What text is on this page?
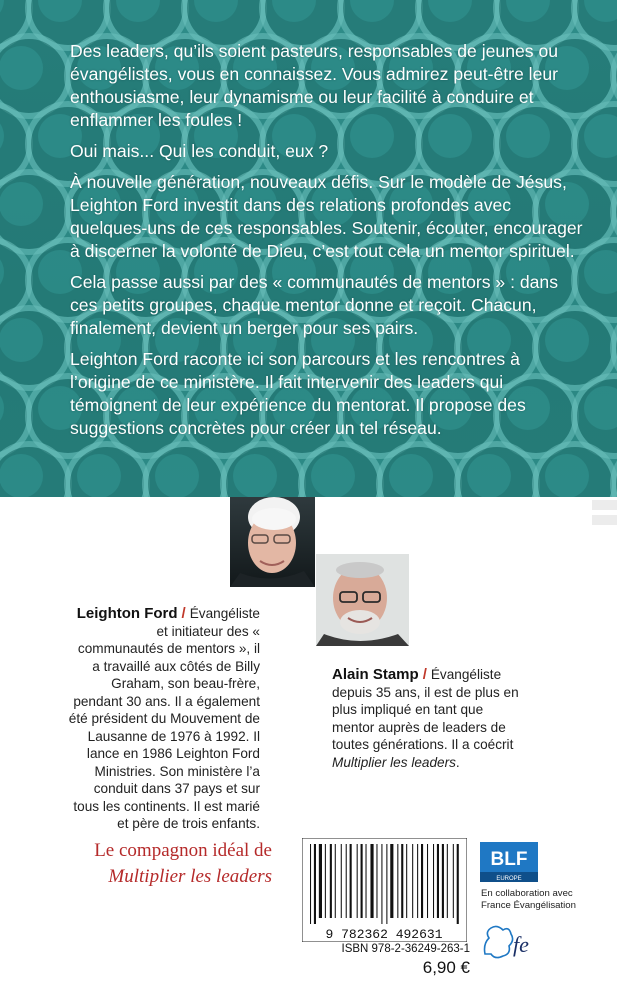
Des leaders, qu’ils soient pasteurs, responsables de jeunes ou évangélistes, vous en connaissez. Vous admirez peut-être leur enthousiasme, leur dynamisme ou leur facilité à conduire et enflammer les foules !

Oui mais... Qui les conduit, eux ?

À nouvelle génération, nouveaux défis. Sur le modèle de Jésus, Leighton Ford investit dans des relations profondes avec quelques-uns de ces responsables. Soutenir, écouter, encourager à discerner la volonté de Dieu, c’est tout cela un mentor spirituel.

Cela passe aussi par des « communautés de mentors » : dans ces petits groupes, chaque mentor donne et reçoit. Chacun, finalement, devient un berger pour ses pairs.

Leighton Ford raconte ici son parcours et les rencontres à l’origine de ce ministère. Il fait intervenir des leaders qui témoignent de leur expérience du mentorat. Il propose des suggestions concrètes pour créer un tel réseau.

Leighton Ford / Évangéliste et initiateur des « communautés de mentors », il a travaillé aux côtés de Billy Graham, son beau-frère, pendant 30 ans. Il a également été président du Mouvement de Lausanne de 1976 à 1992. Il lance en 1986 Leighton Ford Ministries. Son ministère l’a conduit dans 37 pays et sur tous les continents. Il est marié et père de trois enfants.
Alain Stamp / Évangéliste depuis 35 ans, il est de plus en plus impliqué en tant que mentor auprès de leaders de toutes générations. Il a coécrit Multiplier les leaders.
Le compagnon idéal de
Multiplier les leaders
9 782362 492631
ISBN 978-2-36249-263-1
6,90 €
BLF
EUROPE
En collaboration avec
France Évangélisation
fe
